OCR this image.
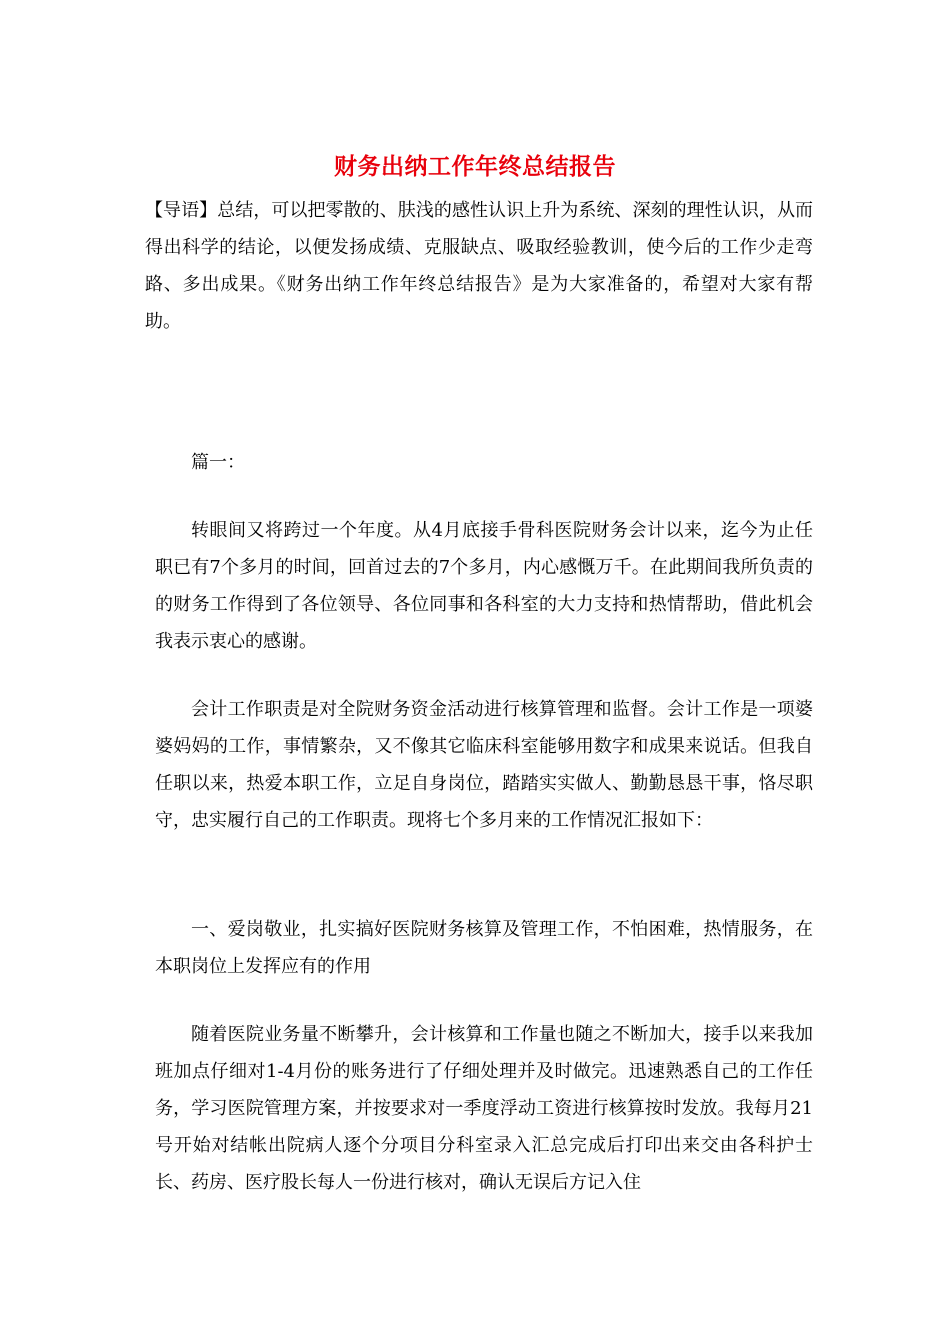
财务出纳工作年终总结报告

【导语】总结，可以把零散的、肤浅的感性认识上升为系统、深刻的理性认识，从而得出科学的结论，以便发扬成绩、克服缺点、吸取经验教训，使今后的工作少走弯路、多出成果。《财务出纳工作年终总结报告》是为大家准备的，希望对大家有帮助。

篇一：

转眼间又将跨过一个年度。从4月底接手骨科医院财务会计以来，迄今为止任职已有7个多月的时间，回首过去的7个多月，内心感慨万千。在此期间我所负责的的财务工作得到了各位领导、各位同事和各科室的大力支持和热情帮助，借此机会我表示衷心的感谢。

会计工作职责是对全院财务资金活动进行核算管理和监督。会计工作是一项婆婆妈妈的工作，事情繁杂，又不像其它临床科室能够用数字和成果来说话。但我自任职以来，热爱本职工作，立足自身岗位，踏踏实实做人、勤勤恳恳干事，恪尽职守，忠实履行自己的工作职责。现将七个多月来的工作情况汇报如下：

一、爱岗敬业，扎实搞好医院财务核算及管理工作，不怕困难，热情服务，在本职岗位上发挥应有的作用

随着医院业务量不断攀升，会计核算和工作量也随之不断加大，接手以来我加班加点仔细对1-4月份的账务进行了仔细处理并及时做完。迅速熟悉自己的工作任务，学习医院管理方案，并按要求对一季度浮动工资进行核算按时发放。我每月21号开始对结帐出院病人逐个分项目分科室录入汇总完成后打印出来交由各科护士长、药房、医疗股长每人一份进行核对，确认无误后方记入住
